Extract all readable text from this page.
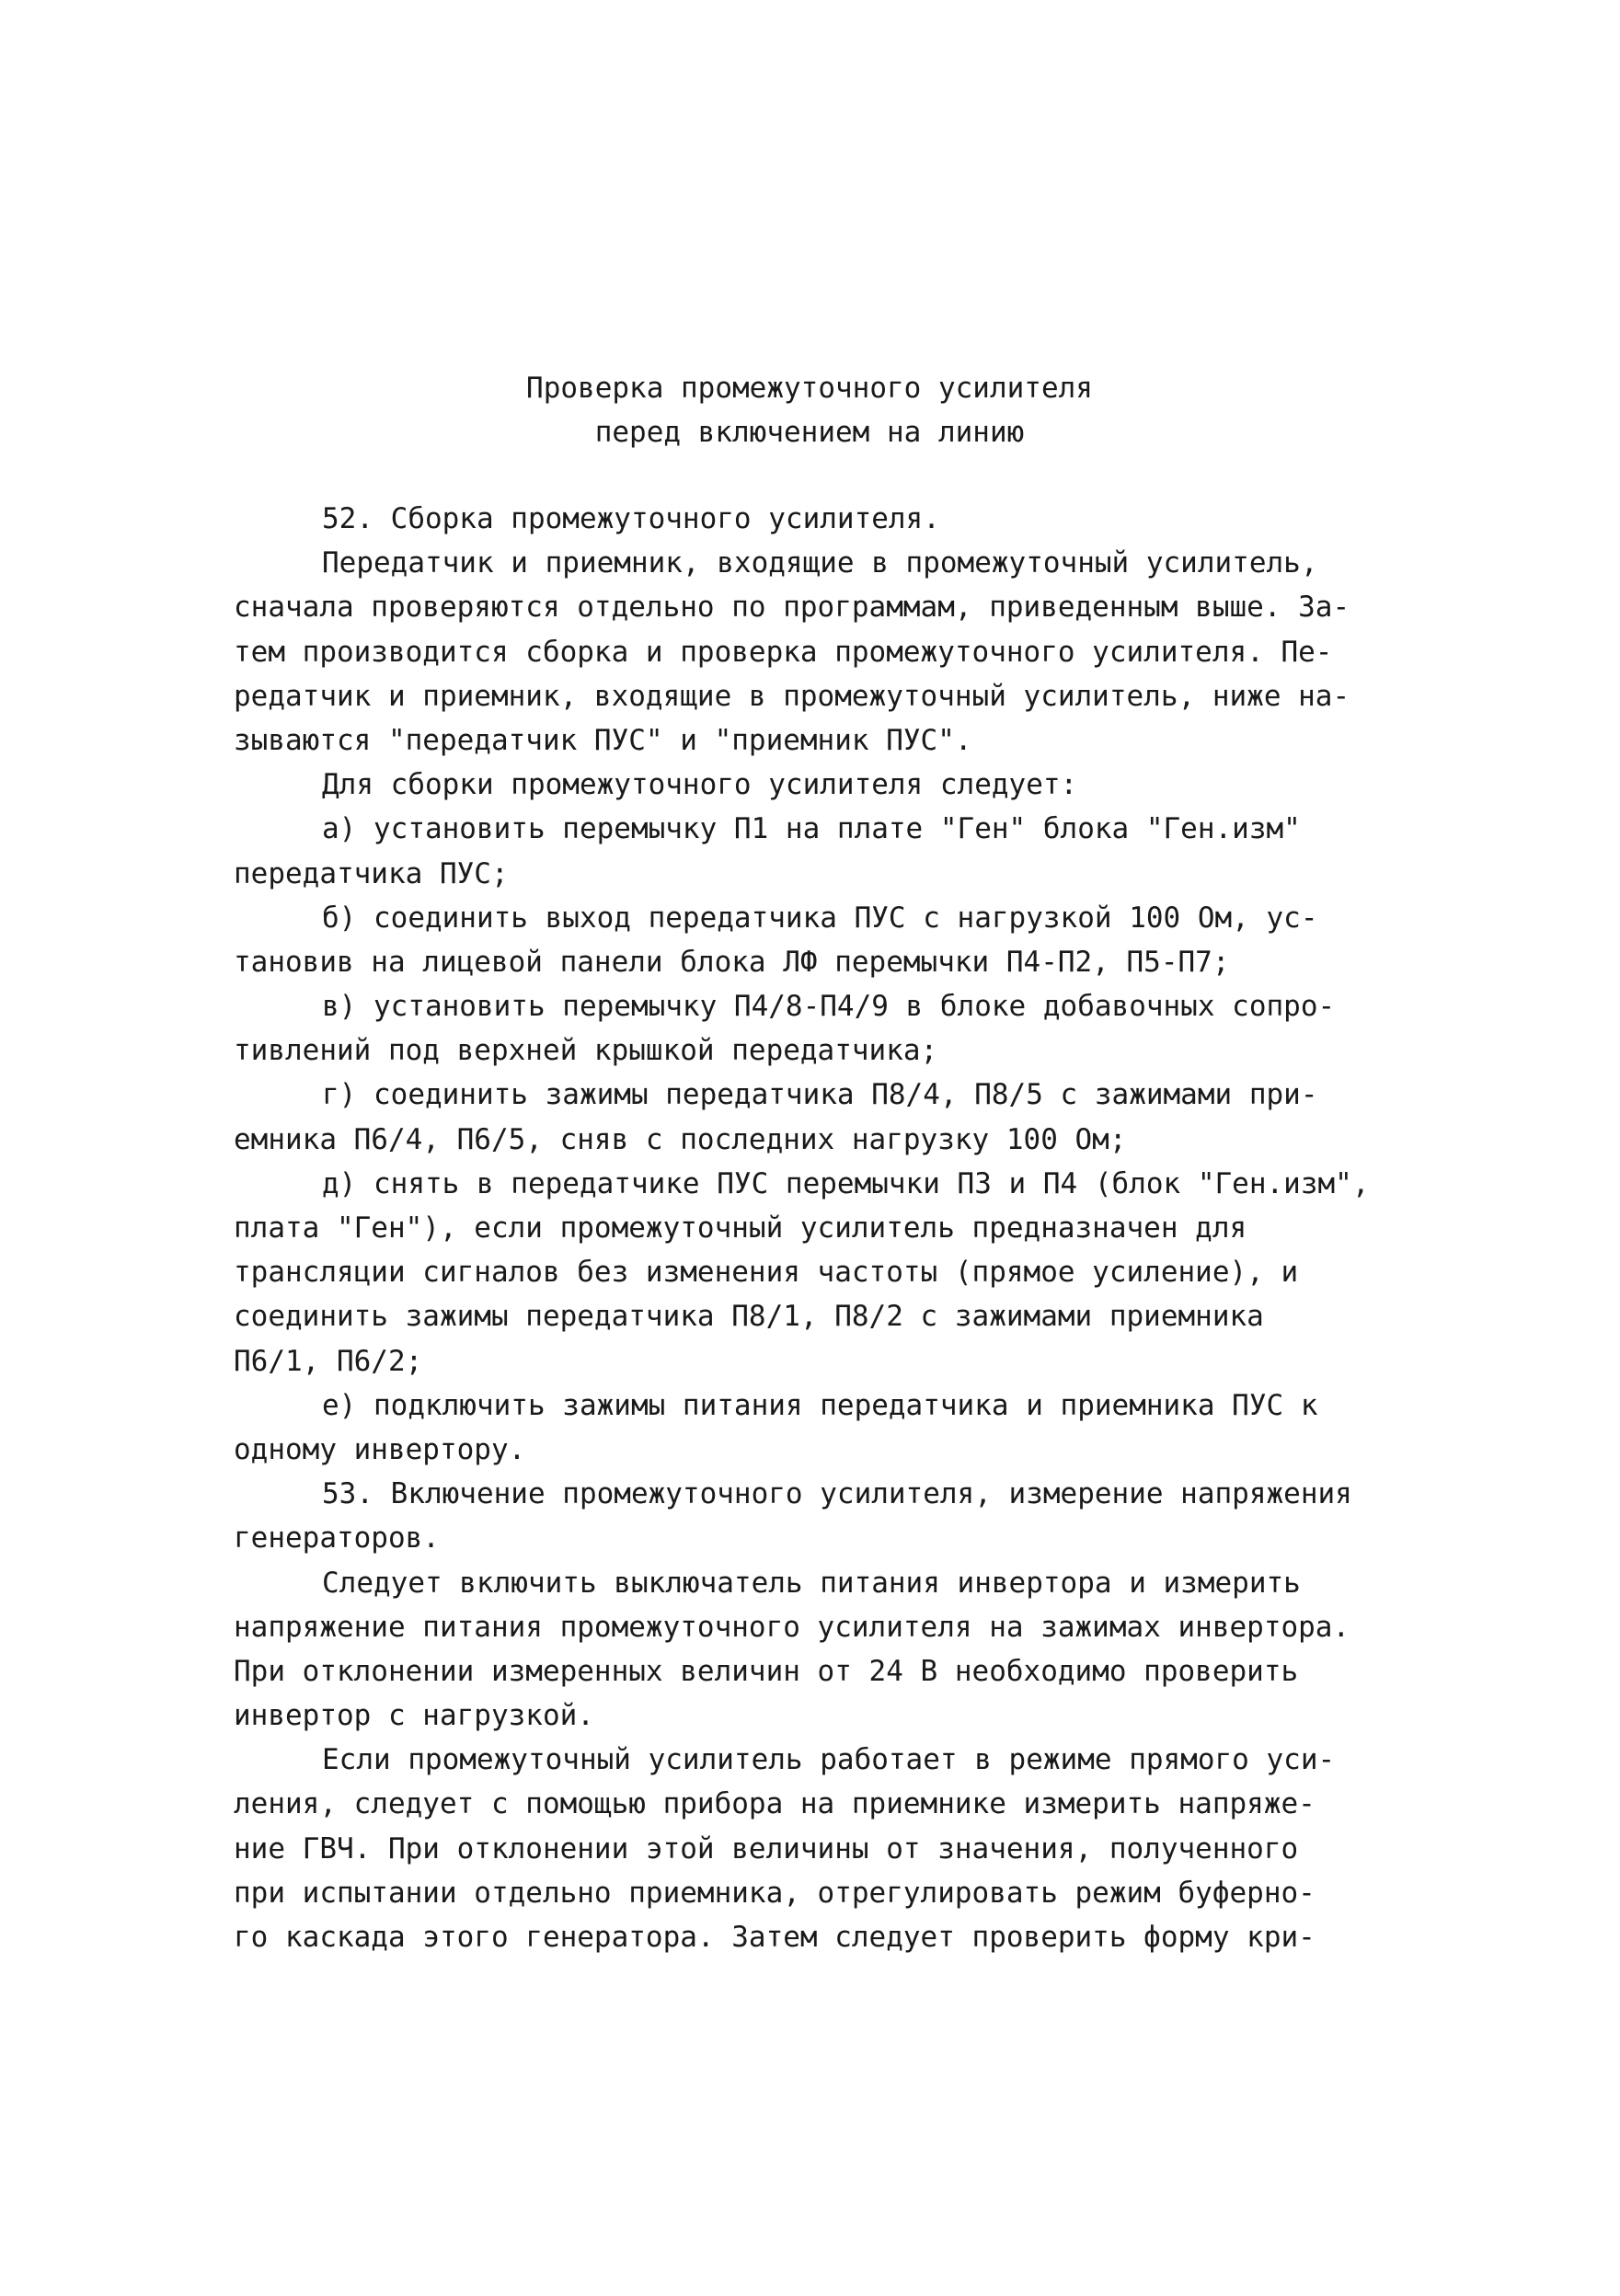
Проверка промежуточного усилителя
перед включением на линию
52. Сборка промежуточного усилителя.
Передатчик и приемник, входящие в промежуточный усилитель,
сначала проверяются отдельно по программам, приведенным выше. За-
тем производится сборка и проверка промежуточного усилителя. Пе-
редатчик и приемник, входящие в промежуточный усилитель, ниже на-
зываются "передатчик ПУС" и "приемник ПУС".
Для сборки промежуточного усилителя следует:
а) установить перемычку П1 на плате "Ген" блока "Ген.изм"
передатчика ПУС;
б) соединить выход передатчика ПУС с нагрузкой 100 Ом, ус-
тановив на лицевой панели блока ЛФ перемычки П4-П2, П5-П7;
в) установить перемычку П4/8-П4/9 в блоке добавочных сопро-
тивлений под верхней крышкой передатчика;
г) соединить зажимы передатчика П8/4, П8/5 с зажимами при-
емника П6/4, П6/5, сняв с последних нагрузку 100 Ом;
д) снять в передатчике ПУС перемычки П3 и П4 (блок "Ген.изм",
плата "Ген"), если промежуточный усилитель предназначен для
трансляции сигналов без изменения частоты (прямое усиление), и
соединить зажимы передатчика П8/1, П8/2 с зажимами приемника
П6/1, П6/2;
е) подключить зажимы питания передатчика и приемника ПУС к
одному инвертору.
53. Включение промежуточного усилителя, измерение напряжения
генераторов.
Следует включить выключатель питания инвертора и измерить
напряжение питания промежуточного усилителя на зажимах инвертора.
При отклонении измеренных величин от 24 В необходимо проверить
инвертор с нагрузкой.
Если промежуточный усилитель работает в режиме прямого уси-
ления, следует с помощью прибора на приемнике измерить напряже-
ние ГВЧ. При отклонении этой величины от значения, полученного
при испытании отдельно приемника, отрегулировать режим буферно-
го каскада этого генератора. Затем следует проверить форму кри-
